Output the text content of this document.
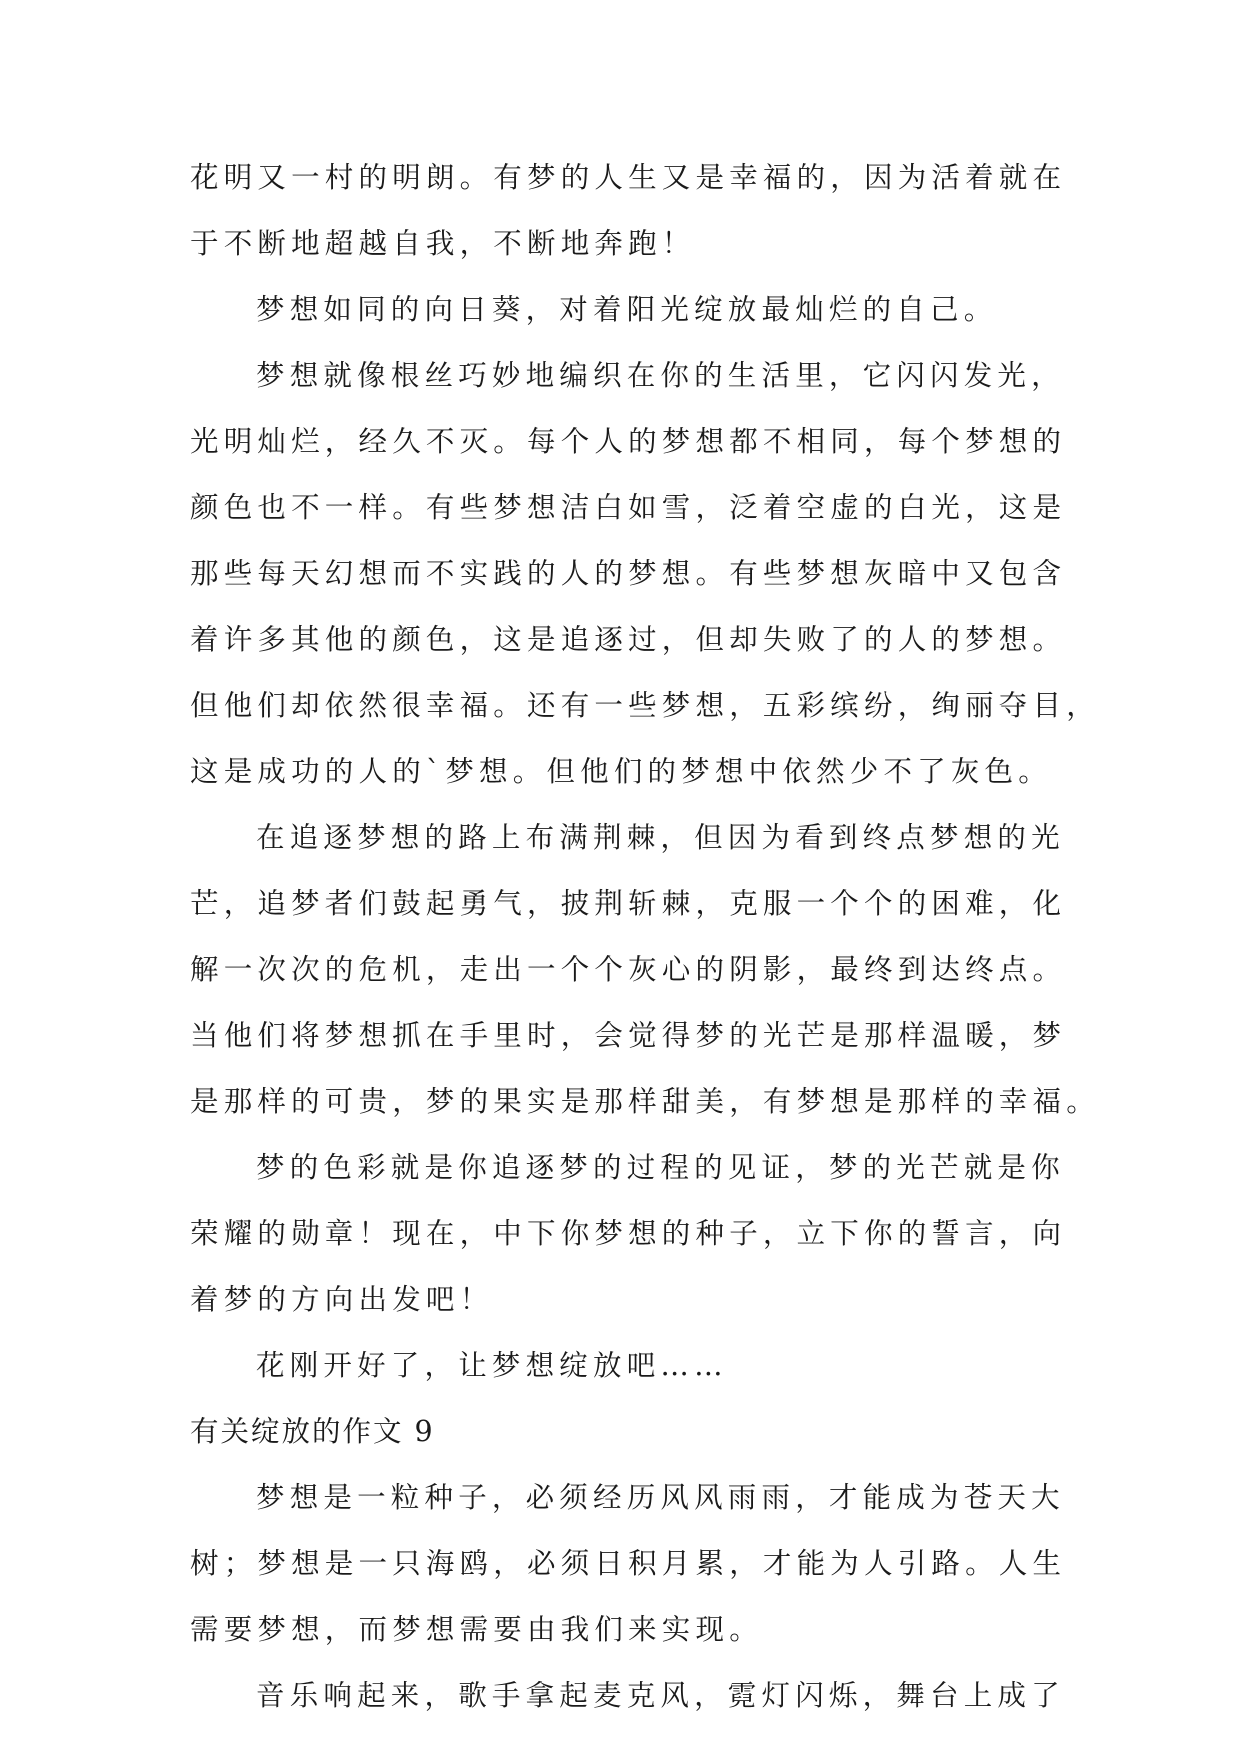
花明又一村的明朗。有梦的人生又是幸福的，因为活着就在
于不断地超越自我，不断地奔跑！
梦想如同的向日葵，对着阳光绽放最灿烂的自己。
梦想就像根丝巧妙地编织在你的生活里，它闪闪发光，
光明灿烂，经久不灭。每个人的梦想都不相同，每个梦想的
颜色也不一样。有些梦想洁白如雪，泛着空虚的白光，这是
那些每天幻想而不实践的人的梦想。有些梦想灰暗中又包含
着许多其他的颜色，这是追逐过，但却失败了的人的梦想。
但他们却依然很幸福。还有一些梦想，五彩缤纷，绚丽夺目，
这是成功的人的`梦想。但他们的梦想中依然少不了灰色。
在追逐梦想的路上布满荆棘，但因为看到终点梦想的光
芒，追梦者们鼓起勇气，披荆斩棘，克服一个个的困难，化
解一次次的危机，走出一个个灰心的阴影，最终到达终点。
当他们将梦想抓在手里时，会觉得梦的光芒是那样温暖，梦
是那样的可贵，梦的果实是那样甜美，有梦想是那样的幸福。
梦的色彩就是你追逐梦的过程的见证，梦的光芒就是你
荣耀的勋章！现在，中下你梦想的种子，立下你的誓言，向
着梦的方向出发吧！
花刚开好了，让梦想绽放吧……
有关绽放的作文 9
梦想是一粒种子，必须经历风风雨雨，才能成为苍天大
树；梦想是一只海鸥，必须日积月累，才能为人引路。人生
需要梦想，而梦想需要由我们来实现。
音乐响起来，歌手拿起麦克风，霓灯闪烁，舞台上成了
